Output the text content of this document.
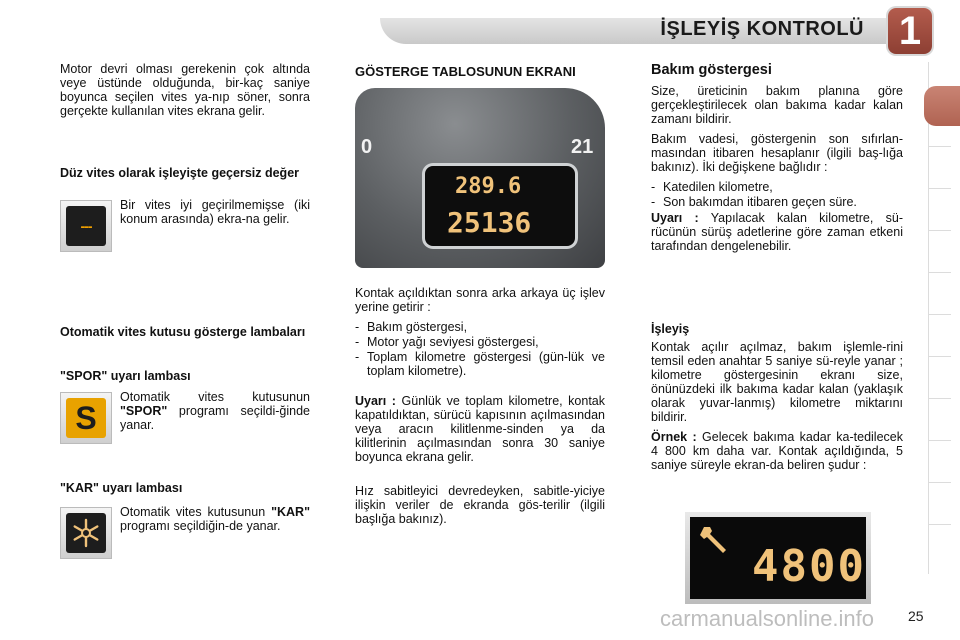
İŞLEYİŞ KONTROLÜ 1

Motor devri olması gerekenin çok altında veye üstünde olduğunda, bir-kaç saniye boyunca seçilen vites ya-nıp söner, sonra gerçekte kullanılan vites ekrana gelir.

Düz vites olarak işleyişte geçersiz değer
---

Bir vites iyi geçirilmemişse (iki konum arasında) ekra-na gelir.

Otomatik vites kutusu gösterge lambaları
"SPOR" uyarı lambası
S

Otomatik vites kutusunun "SPOR" programı seçildi-ğinde yanar.

"KAR" uyarı lambası

Otomatik vites kutusunun "KAR" programı seçildiğin-de yanar.

GÖSTERGE TABLOSUNUN EKRANI
0	21
289.6
25136

Kontak açıldıktan sonra arka arkaya üç işlev yerine getirir :

- Bakım göstergesi,
- Motor yağı seviyesi göstergesi,
- Toplam kilometre göstergesi (gün-lük ve toplam kilometre).

Uyarı : Günlük ve toplam kilometre, kontak kapatıldıktan, sürücü kapısının açılmasından veya aracın kilitlenme-sinden ya da kilitlerinin açılmasından sonra 30 saniye boyunca ekrana gelir.

Hız sabitleyici devredeyken, sabitle-yiciye ilişkin veriler de ekranda gös-terilir (ilgili başlığa bakınız).

Bakım göstergesi

Size, üreticinin bakım planına göre gerçekleştirilecek olan bakıma kadar kalan zamanı bildirir.

Bakım vadesi, göstergenin son sıfırlan-masından itibaren hesaplanır (ilgili baş-lığa bakınız). İki değişkene bağlıdır :

- Katedilen kilometre,
- Son bakımdan itibaren geçen süre.

Uyarı : Yapılacak kalan kilometre, sü-rücünün sürüş adetlerine göre zaman etkeni tarafından dengelenebilir.

İşleyiş

Kontak açılır açılmaz, bakım işlemle-rini temsil eden anahtar 5 saniye sü-reyle yanar ; kilometre göstergesinin ekranı size, önünüzdeki ilk bakıma kadar kalan (yaklaşık olarak yuvar-lanmış) kilometre miktarını bildirir.

Örnek : Gelecek bakıma kadar ka-tedilecek 4 800 km daha var. Kontak açıldığında, 5 saniye süreyle ekran-da beliren şudur :

4800
carmanualsonline.info 25
